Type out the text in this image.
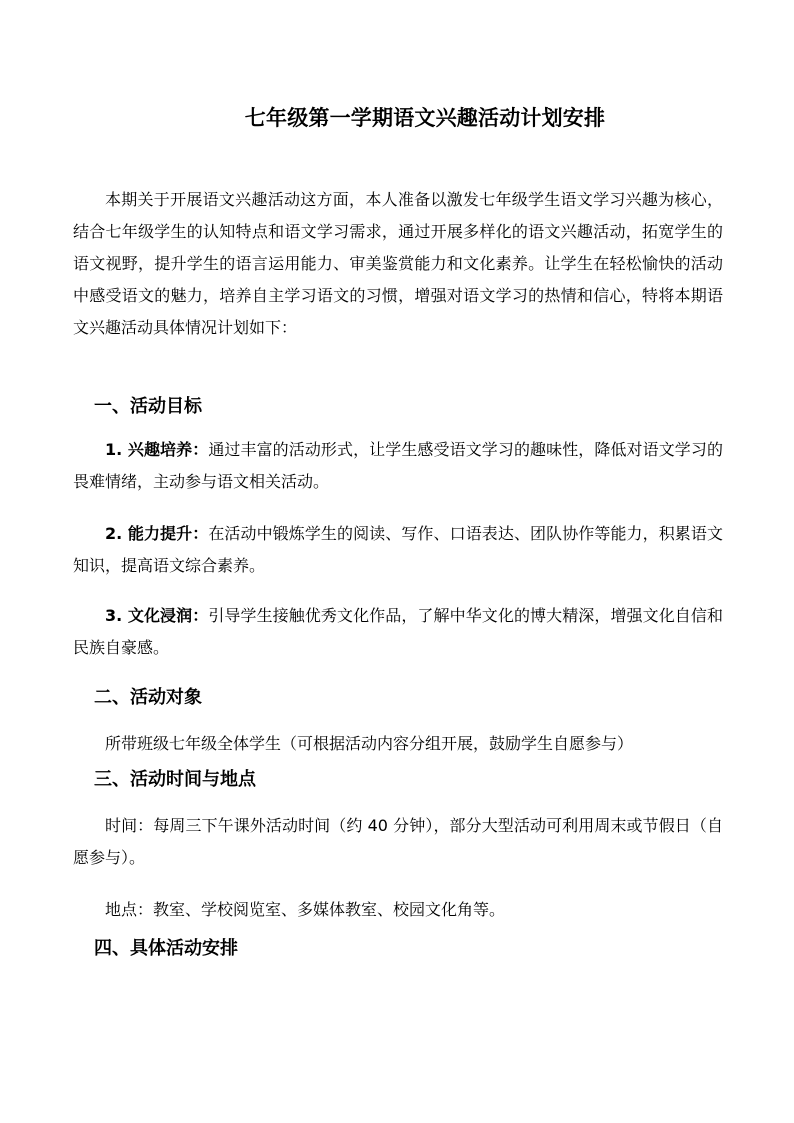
七年级第一学期语文兴趣活动计划安排

本期关于开展语文兴趣活动这方面，本人准备以激发七年级学生语文学习兴趣为核心，结合七年级学生的认知特点和语文学习需求，通过开展多样化的语文兴趣活动，拓宽学生的语文视野，提升学生的语言运用能力、审美鉴赏能力和文化素养。让学生在轻松愉快的活动中感受语文的魅力，培养自主学习语文的习惯，增强对语文学习的热情和信心，特将本期语文兴趣活动具体情况计划如下：

一、活动目标

1. 兴趣培养：通过丰富的活动形式，让学生感受语文学习的趣味性，降低对语文学习的畏难情绪，主动参与语文相关活动。

2. 能力提升：在活动中锻炼学生的阅读、写作、口语表达、团队协作等能力，积累语文知识，提高语文综合素养。

3. 文化浸润：引导学生接触优秀文化作品，了解中华文化的博大精深，增强文化自信和民族自豪感。

二、活动对象

所带班级七年级全体学生（可根据活动内容分组开展，鼓励学生自愿参与）

三、活动时间与地点

时间：每周三下午课外活动时间（约 40 分钟），部分大型活动可利用周末或节假日（自愿参与）。

地点：教室、学校阅览室、多媒体教室、校园文化角等。

四、具体活动安排
